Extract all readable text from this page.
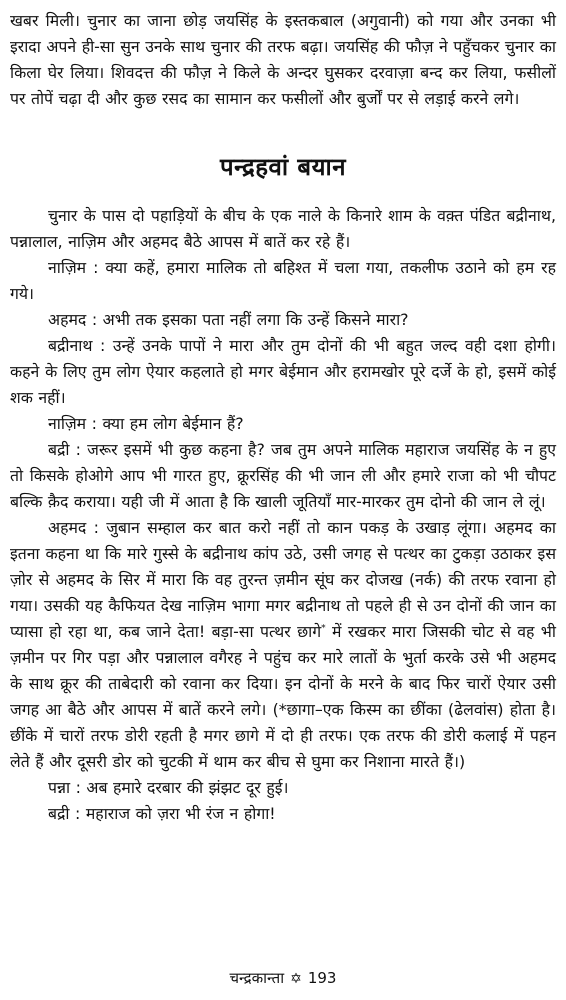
खबर मिली। चुनार का जाना छोड़ जयसिंह के इस्तकबाल (अगुवानी) को गया और उनका भी इरादा अपने ही-सा सुन उनके साथ चुनार की तरफ बढ़ा। जयसिंह की फौज़ ने पहुँचकर चुनार का किला घेर लिया। शिवदत्त की फौज़ ने किले के अन्दर घुसकर दरवाज़ा बन्द कर लिया, फसीलों पर तोपें चढ़ा दी और कुछ रसद का सामान कर फसीलों और बुर्जों पर से लड़ाई करने लगे।

पन्द्रहवां बयान

चुनार के पास दो पहाड़ियों के बीच के एक नाले के किनारे शाम के वक़्त पंडित बद्रीनाथ, पन्नालाल, नाज़िम और अहमद बैठे आपस में बातें कर रहे हैं।

नाज़िम : क्या कहें, हमारा मालिक तो बहिश्त में चला गया, तकलीफ उठाने को हम रह गये।

अहमद : अभी तक इसका पता नहीं लगा कि उन्हें किसने मारा?

बद्रीनाथ : उन्हें उनके पापों ने मारा और तुम दोनों की भी बहुत जल्द वही दशा होगी। कहने के लिए तुम लोग ऐयार कहलाते हो मगर बेईमान और हरामखोर पूरे दर्जे के हो, इसमें कोई शक नहीं।

नाज़िम : क्या हम लोग बेईमान हैं?

बद्री : जरूर इसमें भी कुछ कहना है? जब तुम अपने मालिक महाराज जयसिंह के न हुए तो किसके होओगे आप भी गारत हुए, क्रूरसिंह की भी जान ली और हमारे राजा को भी चौपट बल्कि क़ैद कराया। यही जी में आता है कि खाली जूतियाँ मार-मारकर तुम दोनो की जान ले लूं।

अहमद : जुबान सम्हाल कर बात करो नहीं तो कान पकड़ के उखाड़ लूंगा। अहमद का इतना कहना था कि मारे गुस्से के बद्रीनाथ कांप उठे, उसी जगह से पत्थर का टुकड़ा उठाकर इस ज़ोर से अहमद के सिर में मारा कि वह तुरन्त ज़मीन सूंघ कर दोजख (नर्क) की तरफ रवाना हो गया। उसकी यह कैफियत देख नाज़िम भागा मगर बद्रीनाथ तो पहले ही से उन दोनों की जान का प्यासा हो रहा था, कब जाने देता! बड़ा-सा पत्थर छागे* में रखकर मारा जिसकी चोट से वह भी ज़मीन पर गिर पड़ा और पन्नालाल वगैरह ने पहुंच कर मारे लातों के भुर्ता करके उसे भी अहमद के साथ क्रूर की ताबेदारी को रवाना कर दिया। इन दोनों के मरने के बाद फिर चारों ऐयार उसी जगह आ बैठे और आपस में बातें करने लगे। (*छागा–एक किस्म का छींका (ढेलवांस) होता है। छींके में चारों तरफ डोरी रहती है मगर छागे में दो ही तरफ। एक तरफ की डोरी कलाई में पहन लेते हैं और दूसरी डोर को चुटकी में थाम कर बीच से घुमा कर निशाना मारते हैं।)

पन्ना : अब हमारे दरबार की झंझट दूर हुई।

बद्री : महाराज को ज़रा भी रंज न होगा!

चन्द्रकान्ता ✡ 193
